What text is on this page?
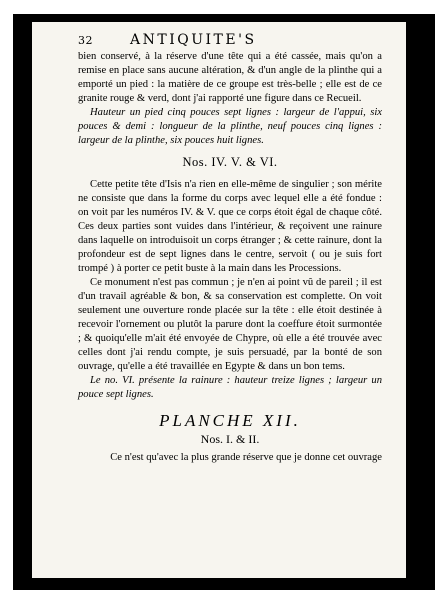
32	ANTIQUITE'S

bien conservé, à la réserve d'une tête qui a été cassée, mais qu'on a remise en place sans aucune altération, & d'un angle de la plinthe qui a emporté un pied : la matière de ce groupe est très-belle ; elle est de ce granite rouge & verd, dont j'ai rapporté une figure dans ce Recueil.

Hauteur un pied cinq pouces sept lignes : largeur de l'appui, six pouces & demi : longueur de la plinthe, neuf pouces cinq lignes : largeur de la plinthe, six pouces huit lignes.

Nos. IV. V. & VI.

Cette petite tête d'Isis n'a rien en elle-même de singulier ; son mérite ne consiste que dans la forme du corps avec lequel elle a été fondue : on voit par les numéros IV. & V. que ce corps étoit égal de chaque côté. Ces deux parties sont vuides dans l'intérieur, & reçoivent une rainure dans laquelle on introduisoit un corps étranger ; & cette rainure, dont la profondeur est de sept lignes dans le centre, servoit ( ou je suis fort trompé ) à porter ce petit buste à la main dans les Processions.

Ce monument n'est pas commun ; je n'en ai point vû de pareil ; il est d'un travail agréable & bon, & sa conservation est complette. On voit seulement une ouverture ronde placée sur la tête : elle étoit destinée à recevoir l'ornement ou plutôt la parure dont la coeffure étoit surmontée ; & quoiqu'elle m'ait été envoyée de Chypre, où elle a été trouvée avec celles dont j'ai rendu compte, je suis persuadé, par la bonté de son ouvrage, qu'elle a été travaillée en Egypte & dans un bon tems.

Le no. VI. présente la rainure : hauteur treize lignes ; largeur un pouce sept lignes.

PLANCHE XII.
Nos. I. & II.

Ce n'est qu'avec la plus grande réserve que je donne cet ouvrage
